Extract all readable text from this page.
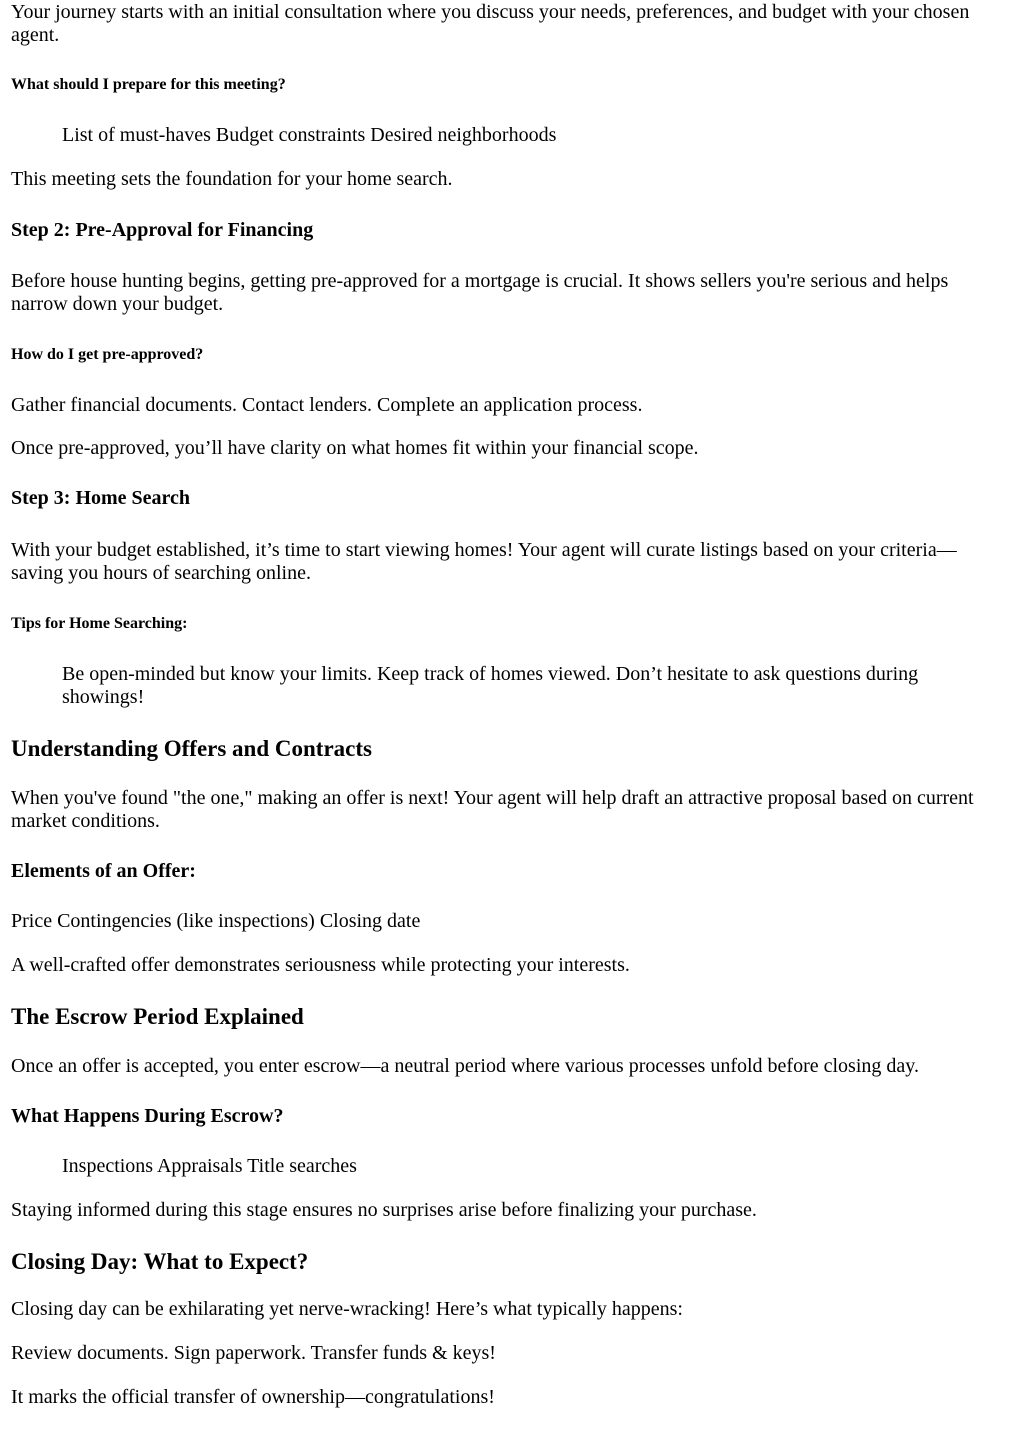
Your journey starts with an initial consultation where you discuss your needs, preferences, and budget with your chosen agent.

What should I prepare for this meeting?

List of must-haves Budget constraints Desired neighborhoods

This meeting sets the foundation for your home search.

Step 2: Pre-Approval for Financing

Before house hunting begins, getting pre-approved for a mortgage is crucial. It shows sellers you're serious and helps narrow down your budget.

How do I get pre-approved?

Gather financial documents. Contact lenders. Complete an application process.

Once pre-approved, you’ll have clarity on what homes fit within your financial scope.

Step 3: Home Search

With your budget established, it’s time to start viewing homes! Your agent will curate listings based on your criteria—saving you hours of searching online.

Tips for Home Searching:

Be open-minded but know your limits. Keep track of homes viewed. Don’t hesitate to ask questions during showings!

Understanding Offers and Contracts

When you've found "the one," making an offer is next! Your agent will help draft an attractive proposal based on current market conditions.

Elements of an Offer:

Price Contingencies (like inspections) Closing date

A well-crafted offer demonstrates seriousness while protecting your interests.

The Escrow Period Explained

Once an offer is accepted, you enter escrow—a neutral period where various processes unfold before closing day.

What Happens During Escrow?

Inspections Appraisals Title searches

Staying informed during this stage ensures no surprises arise before finalizing your purchase.

Closing Day: What to Expect?

Closing day can be exhilarating yet nerve-wracking! Here’s what typically happens:

Review documents. Sign paperwork. Transfer funds & keys!

It marks the official transfer of ownership—congratulations!
